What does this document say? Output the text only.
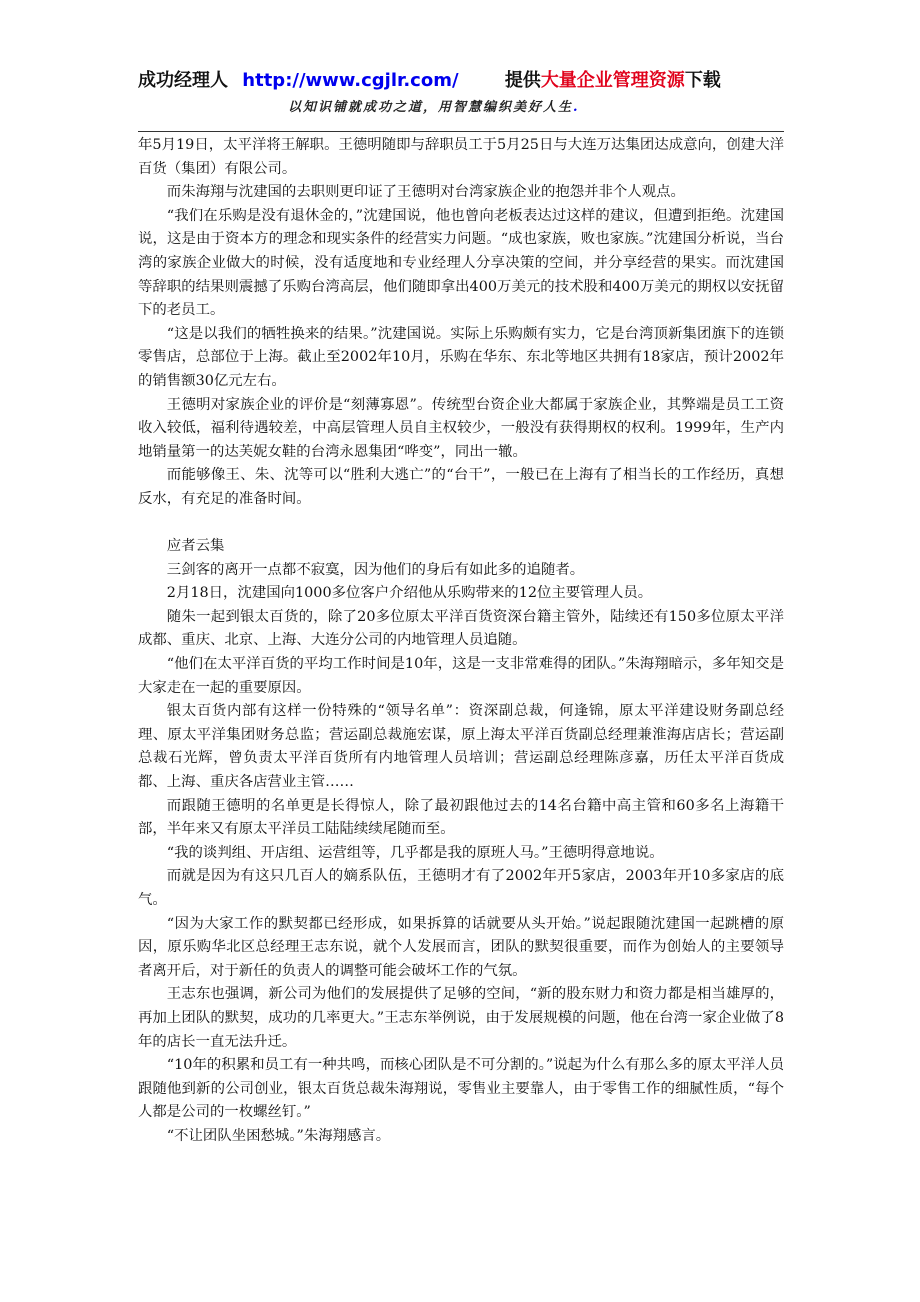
成功经理人 http://www.cgjlr.com/	提供大量企业管理资源下载
以知识铺就成功之道，用智慧编织美好人生.

年5月19日，太平洋将王解职。王德明随即与辞职员工于5月25日与大连万达集团达成意向，创建大洋百货（集团）有限公司。

而朱海翔与沈建国的去职则更印证了王德明对台湾家族企业的抱怨并非个人观点。

“我们在乐购是没有退休金的，”沈建国说，他也曾向老板表达过这样的建议，但遭到拒绝。沈建国说，这是由于资本方的理念和现实条件的经营实力问题。“成也家族，败也家族。”沈建国分析说，当台湾的家族企业做大的时候，没有适度地和专业经理人分享决策的空间，并分享经营的果实。而沈建国等辞职的结果则震撼了乐购台湾高层，他们随即拿出400万美元的技术股和400万美元的期权以安抚留下的老员工。

“这是以我们的牺牲换来的结果。”沈建国说。实际上乐购颇有实力，它是台湾顶新集团旗下的连锁零售店，总部位于上海。截止至2002年10月，乐购在华东、东北等地区共拥有18家店，预计2002年的销售额30亿元左右。

王德明对家族企业的评价是“刻薄寡恩”。传统型台资企业大都属于家族企业，其弊端是员工工资收入较低，福利待遇较差，中高层管理人员自主权较少，一般没有获得期权的权利。1999年，生产内地销量第一的达芙妮女鞋的台湾永恩集团“哗变”，同出一辙。

而能够像王、朱、沈等可以“胜利大逃亡”的“台干”，一般已在上海有了相当长的工作经历，真想反水，有充足的准备时间。

应者云集

三剑客的离开一点都不寂寞，因为他们的身后有如此多的追随者。

2月18日，沈建国向1000多位客户介绍他从乐购带来的12位主要管理人员。

随朱一起到银太百货的，除了20多位原太平洋百货资深台籍主管外，陆续还有150多位原太平洋成都、重庆、北京、上海、大连分公司的内地管理人员追随。

“他们在太平洋百货的平均工作时间是10年，这是一支非常难得的团队。”朱海翔暗示，多年知交是大家走在一起的重要原因。

银太百货内部有这样一份特殊的“领导名单”：资深副总裁，何逢锦，原太平洋建设财务副总经理、原太平洋集团财务总监；营运副总裁施宏谋，原上海太平洋百货副总经理兼淮海店店长；营运副总裁石光辉，曾负责太平洋百货所有内地管理人员培训；营运副总经理陈彦嘉，历任太平洋百货成都、上海、重庆各店营业主管……

而跟随王德明的名单更是长得惊人，除了最初跟他过去的14名台籍中高主管和60多名上海籍干部，半年来又有原太平洋员工陆陆续续尾随而至。

“我的谈判组、开店组、运营组等，几乎都是我的原班人马。”王德明得意地说。

而就是因为有这只几百人的嫡系队伍，王德明才有了2002年开5家店，2003年开10多家店的底气。

“因为大家工作的默契都已经形成，如果拆算的话就要从头开始。”说起跟随沈建国一起跳槽的原因，原乐购华北区总经理王志东说，就个人发展而言，团队的默契很重要，而作为创始人的主要领导者离开后，对于新任的负责人的调整可能会破坏工作的气氛。

王志东也强调，新公司为他们的发展提供了足够的空间，“新的股东财力和资力都是相当雄厚的，再加上团队的默契，成功的几率更大。”王志东举例说，由于发展规模的问题，他在台湾一家企业做了8年的店长一直无法升迁。

“10年的积累和员工有一种共鸣，而核心团队是不可分割的。”说起为什么有那么多的原太平洋人员跟随他到新的公司创业，银太百货总裁朱海翔说，零售业主要靠人，由于零售工作的细腻性质，“每个人都是公司的一枚螺丝钉。”

“不让团队坐困愁城。”朱海翔感言。
